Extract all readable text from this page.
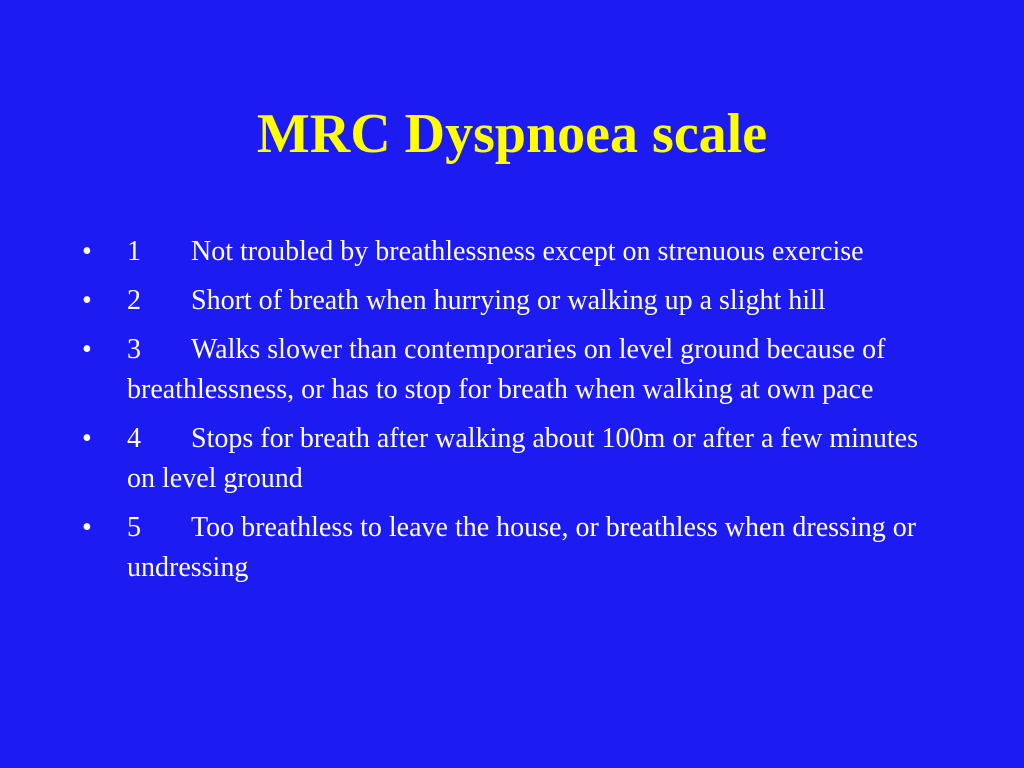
MRC Dyspnoea scale
•	1 Not troubled by breathlessness except on strenuous exercise
•	2 Short of breath when hurrying or walking up a slight hill
•	3 Walks slower than contemporaries on level ground because of breathlessness, or has to stop for breath when walking at own pace
•	4 Stops for breath after walking about 100m or after a few minutes on level ground
•	5 Too breathless to leave the house, or breathless when dressing or undressing
